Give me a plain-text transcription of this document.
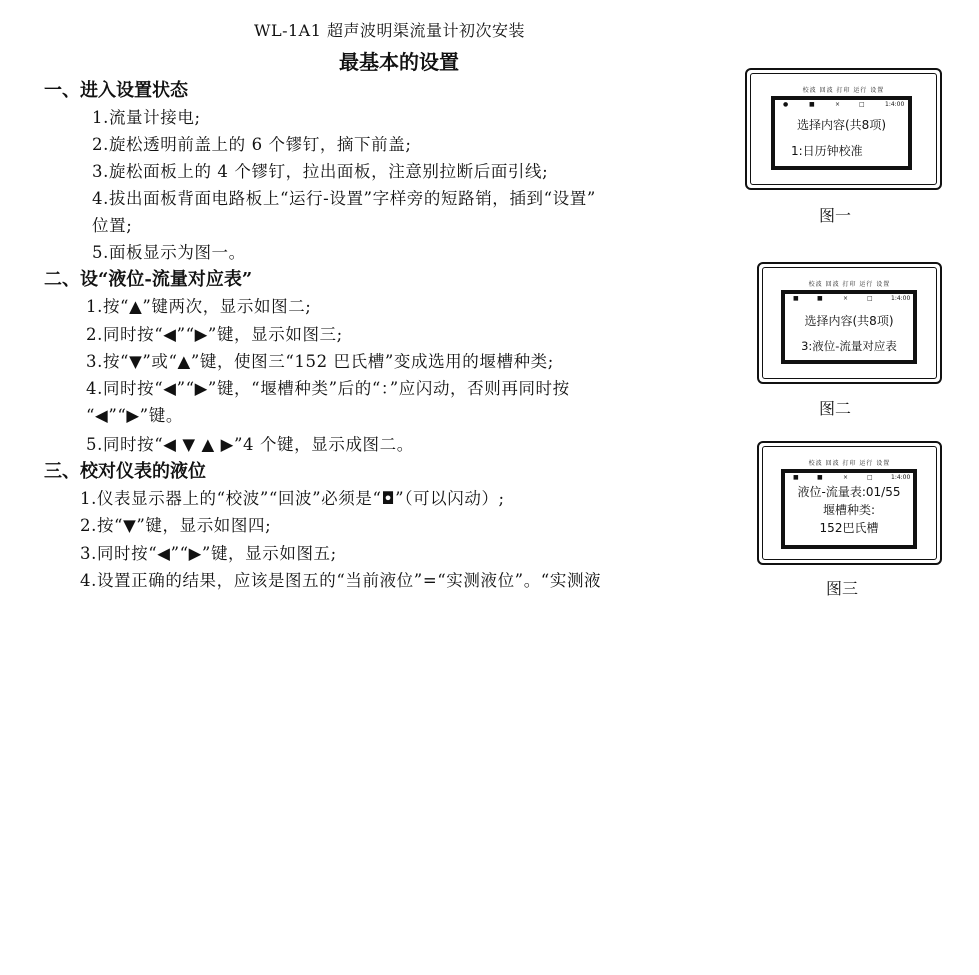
WL-1A1 超声波明渠流量计初次安装
最基本的设置
一、进入设置状态
1.流量计接电;
2.旋松透明前盖上的 6 个镠钉，摘下前盖;
3.旋松面板上的 4 个镠钉，拉出面板，注意别拉断后面引线;
4.拔出面板背面电路板上“运行-设置”字样旁的短路销，插到“设置”
位置;
5.面板显示为图一。
二、设“液位-流量对应表”
1.按“▲”键两次，显示如图二;
2.同时按“◀”“▶”键，显示如图三;
3.按“▼”或“▲”键，使图三“152 巴氏槽”变成选用的堰槽种类;
4.同时按“◀”“▶”键，“堰槽种类”后的“：”应闪动，否则再同时按
“◀”“▶”键。
5.同时按“◀ ▼ ▲ ▶”4 个键，显示成图二。
三、校对仪表的液位
1.仪表显示器上的“校波”“回波”必须是“◘”（可以闪动）;
2.按“▼”键，显示如图四;
3.同时按“◀”“▶”键，显示如图五;
4.设置正确的结果，应该是图五的“当前液位”=“实测液位”。“实测液
校波 回波 打印 运行 设置
●	■	×	□	1:4:00
选择内容(共8项)
1:日历钟校准
图一
校波 回波 打印 运行 设置
■	■	×	□	1:4:00
选择内容(共8项)
3:液位-流量对应表
图二
校波 回波 打印 运行 设置
■	■	×	□	1:4:00
液位-流量表:01/55
堰槽种类:
152巴氏槽
图三
